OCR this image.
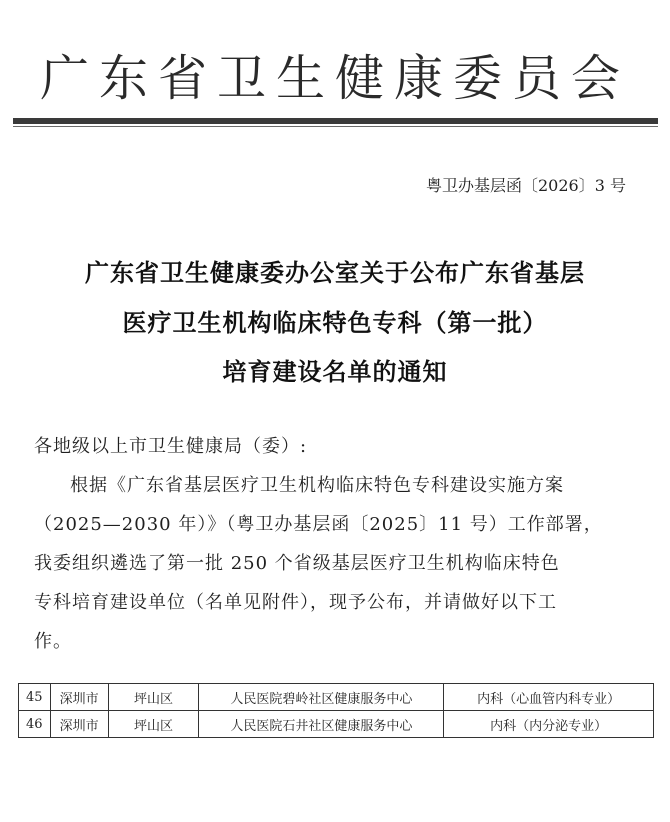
广东省卫生健康委员会
粤卫办基层函〔2026〕3 号
广东省卫生健康委办公室关于公布广东省基层
医疗卫生机构临床特色专科（第一批）
培育建设名单的通知
各地级以上市卫生健康局（委）:
根据《广东省基层医疗卫生机构临床特色专科建设实施方案
（2025—2030 年）》（粤卫办基层函〔2025〕11 号）工作部署，
我委组织遴选了第一批 250 个省级基层医疗卫生机构临床特色
专科培育建设单位（名单见附件），现予公布，并请做好以下工
作。
45	深圳市	坪山区	人民医院碧岭社区健康服务中心	内科（心血管内科专业）
46	深圳市	坪山区	人民医院石井社区健康服务中心	内科（内分泌专业）
